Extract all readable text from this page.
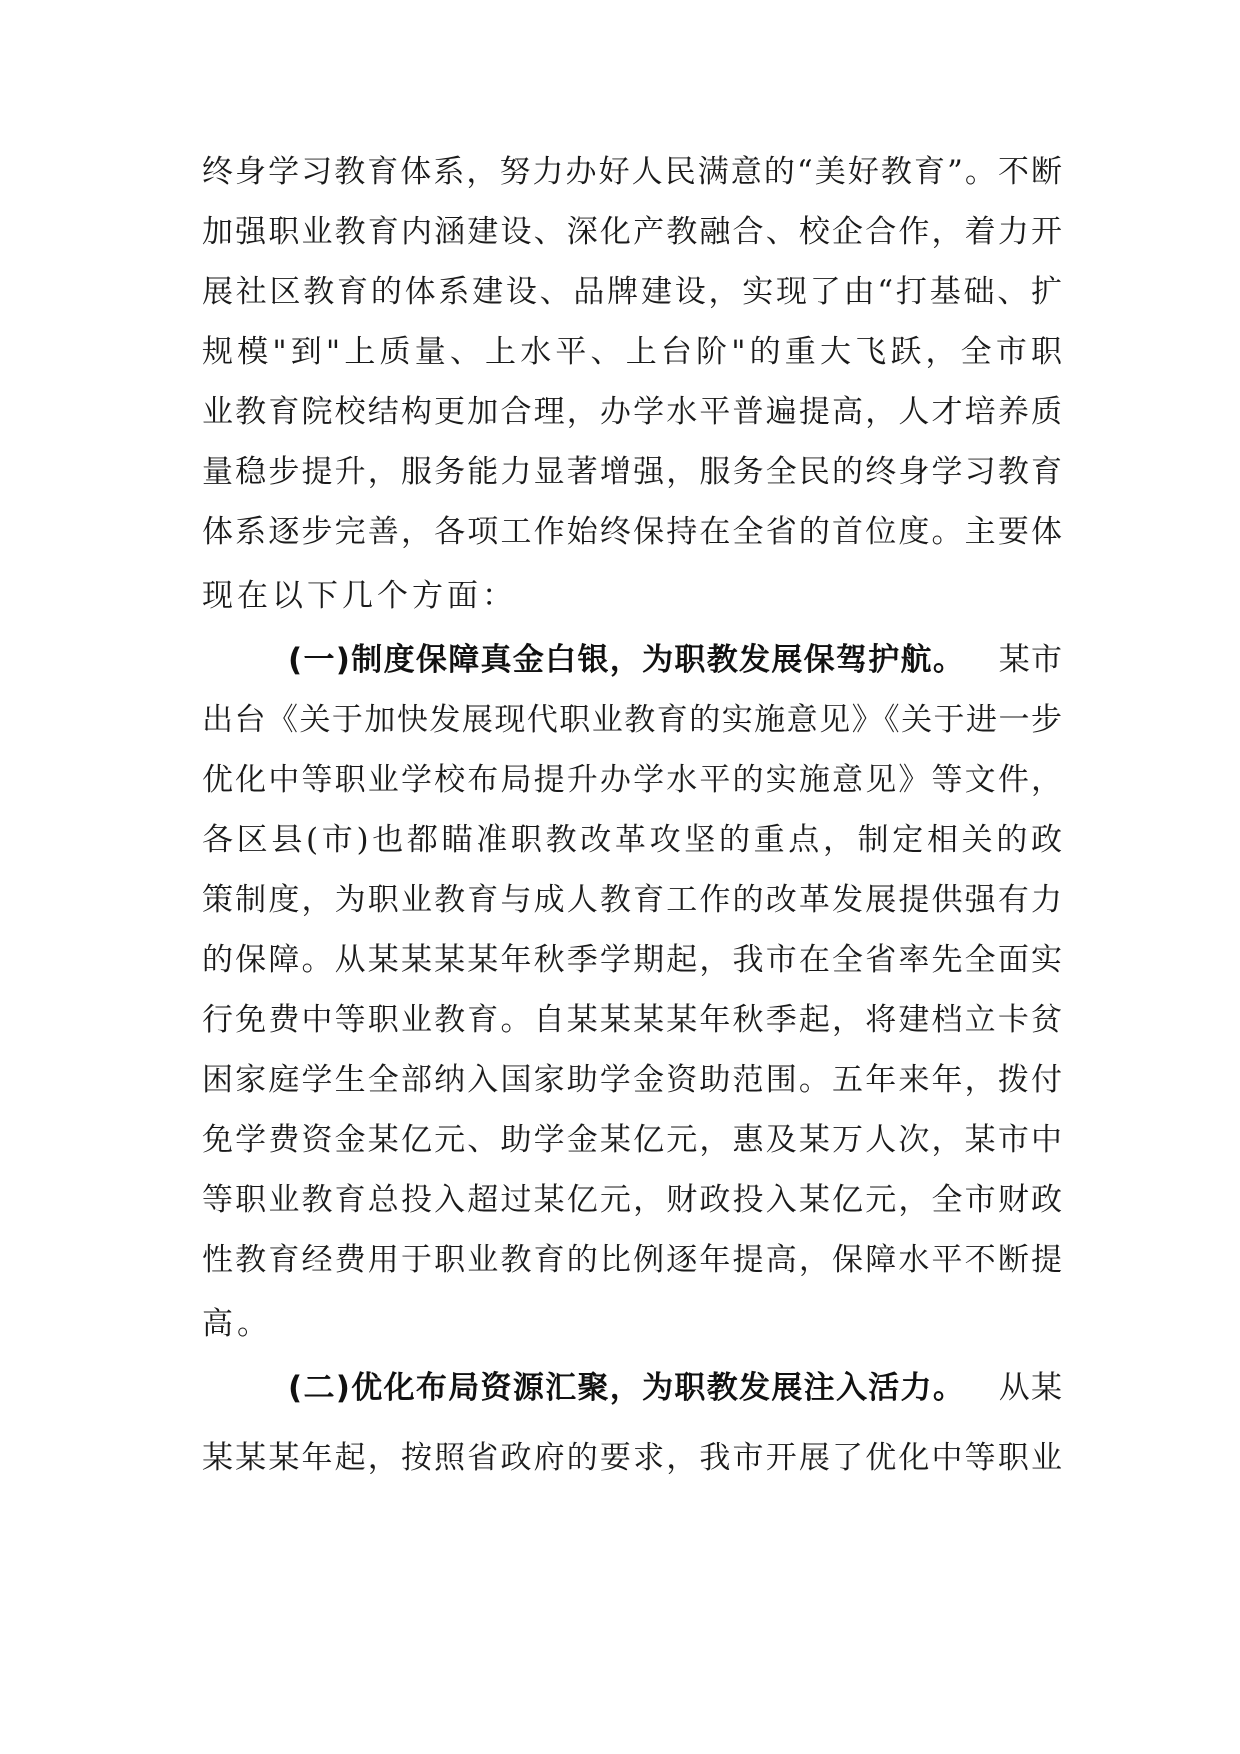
终身学习教育体系，努力办好人民满意的“美好教育”。不断
加强职业教育内涵建设、深化产教融合、校企合作，着力开
展社区教育的体系建设、品牌建设，实现了由“打基础、扩
规模"到"上质量、上水平、上台阶"的重大飞跃，全市职
业教育院校结构更加合理，办学水平普遍提高，人才培养质
量稳步提升，服务能力显著增强，服务全民的终身学习教育
体系逐步完善，各项工作始终保持在全省的首位度。主要体
现在以下几个方面：
(一)制度保障真金白银，为职教发展保驾护航。 某市
出台《关于加快发展现代职业教育的实施意见》《关于进一步
优化中等职业学校布局提升办学水平的实施意见》等文件，
各区县(市)也都瞄准职教改革攻坚的重点，制定相关的政
策制度，为职业教育与成人教育工作的改革发展提供强有力
的保障。从某某某某年秋季学期起，我市在全省率先全面实
行免费中等职业教育。自某某某某年秋季起，将建档立卡贫
困家庭学生全部纳入国家助学金资助范围。五年来年，拨付
免学费资金某亿元、助学金某亿元，惠及某万人次，某市中
等职业教育总投入超过某亿元，财政投入某亿元，全市财政
性教育经费用于职业教育的比例逐年提高，保障水平不断提
高。
(二)优化布局资源汇聚，为职教发展注入活力。 从某
某某某年起，按照省政府的要求，我市开展了优化中等职业
